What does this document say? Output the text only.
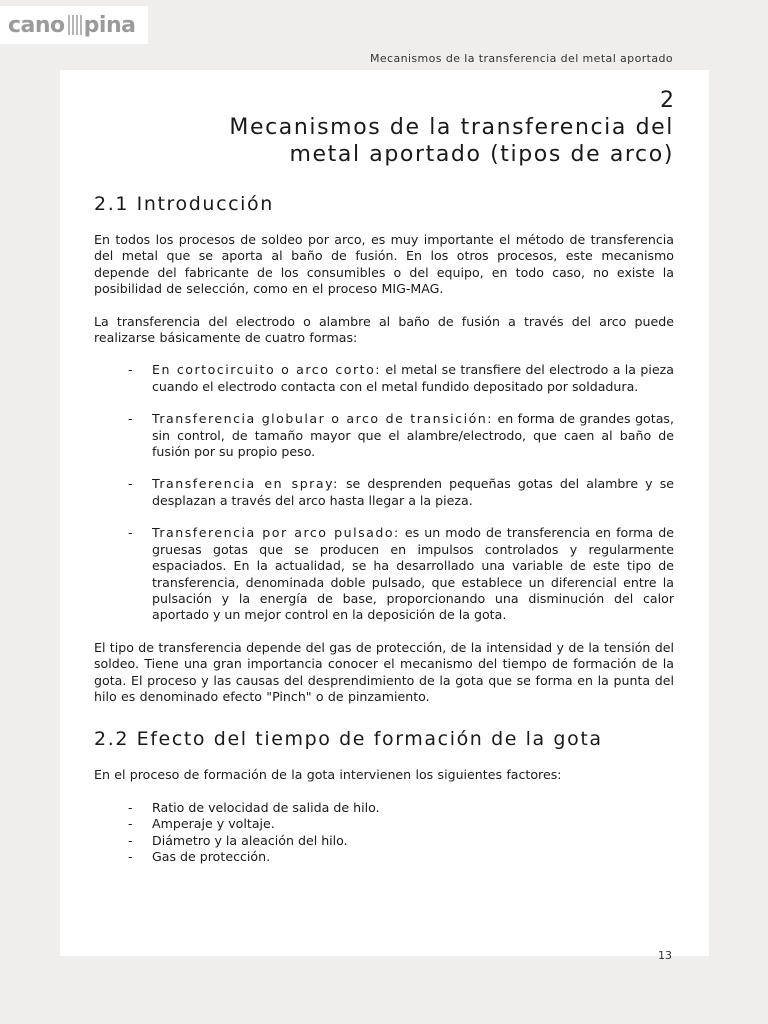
cano pina
Mecanismos de la transferencia del metal aportado
2
Mecanismos de la transferencia del
metal aportado (tipos de arco)
2.1 Introducción

En todos los procesos de soldeo por arco, es muy importante el método de transferencia del metal que se aporta al baño de fusión. En los otros procesos, este mecanismo depende del fabricante de los consumibles o del equipo, en todo caso, no existe la posibilidad de selección, como en el proceso MIG-MAG.

La transferencia del electrodo o alambre al baño de fusión a través del arco puede realizarse básicamente de cuatro formas:

- En cortocircuito o arco corto: el metal se transfiere del electrodo a la pieza cuando el electrodo contacta con el metal fundido depositado por soldadura.
- Transferencia globular o arco de transición: en forma de grandes gotas, sin control, de tamaño mayor que el alambre/electrodo, que caen al baño de fusión por su propio peso.
- Transferencia en spray: se desprenden pequeñas gotas del alambre y se desplazan a través del arco hasta llegar a la pieza.
- Transferencia por arco pulsado: es un modo de transferencia en forma de gruesas gotas que se producen en impulsos controlados y regularmente espaciados. En la actualidad, se ha desarrollado una variable de este tipo de transferencia, denominada doble pulsado, que establece un diferencial entre la pulsación y la energía de base, proporcionando una disminución del calor aportado y un mejor control en la deposición de la gota.

El tipo de transferencia depende del gas de protección, de la intensidad y de la tensión del soldeo. Tiene una gran importancia conocer el mecanismo del tiempo de formación de la gota. El proceso y las causas del desprendimiento de la gota que se forma en la punta del hilo es denominado efecto "Pinch" o de pinzamiento.

2.2 Efecto del tiempo de formación de la gota

En el proceso de formación de la gota intervienen los siguientes factores:

- Ratio de velocidad de salida de hilo.
- Amperaje y voltaje.
- Diámetro y la aleación del hilo.
- Gas de protección.
13
